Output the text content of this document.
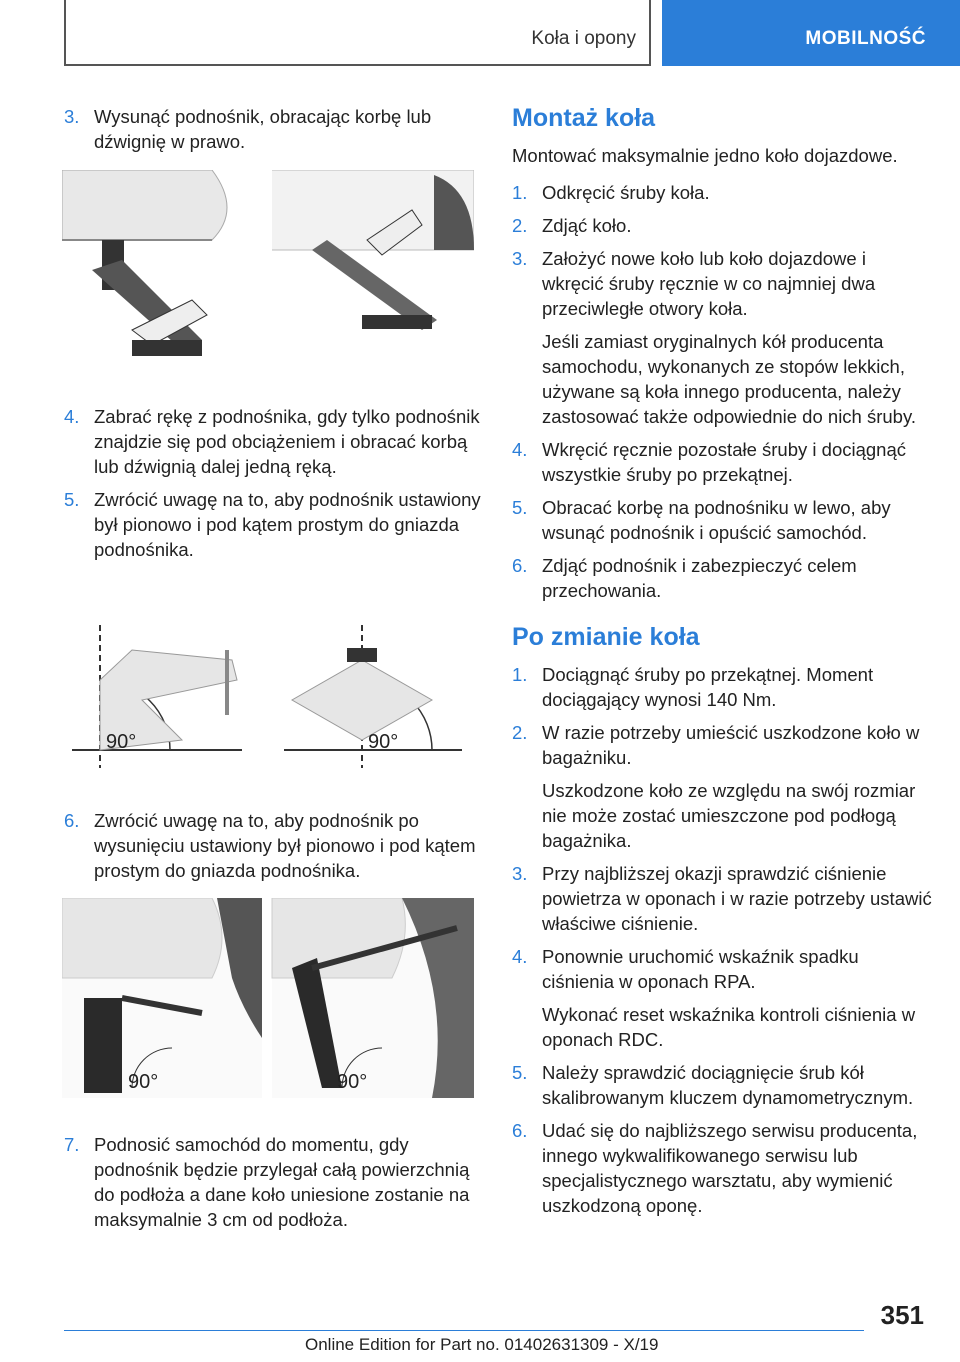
Koła i opony	MOBILNOŚĆ
3. Wysunąć podnośnik, obracając korbę lub dźwignię w prawo.
4. Zabrać rękę z podnośnika, gdy tylko podnośnik znajdzie się pod obciążeniem i obracać korbą lub dźwignią dalej jedną ręką.
5. Zwrócić uwagę na to, aby podnośnik ustawiony był pionowo i pod kątem prostym do gniazda podnośnika.
90°	90°
6. Zwrócić uwagę na to, aby podnośnik po wysunięciu ustawiony był pionowo i pod kątem prostym do gniazda podnośnika.
90°	90°
7. Podnosić samochód do momentu, gdy podnośnik będzie przylegał całą powierzchnią do podłoża a dane koło uniesione zostanie na maksymalnie 3 cm od podłoża.
Montaż koła
Montować maksymalnie jedno koło dojazdowe.
1. Odkręcić śruby koła.
2. Zdjąć koło.
3. Założyć nowe koło lub koło dojazdowe i wkręcić śruby ręcznie w co najmniej dwa przeciwległe otwory koła.
Jeśli zamiast oryginalnych kół producenta samochodu, wykonanych ze stopów lekkich, używane są koła innego producenta, należy zastosować także odpowiednie do nich śruby.
4. Wkręcić ręcznie pozostałe śruby i dociągnąć wszystkie śruby po przekątnej.
5. Obracać korbę na podnośniku w lewo, aby wsunąć podnośnik i opuścić samochód.
6. Zdjąć podnośnik i zabezpieczyć celem przechowania.
Po zmianie koła
1. Dociągnąć śruby po przekątnej. Moment dociągający wynosi 140 Nm.
2. W razie potrzeby umieścić uszkodzone koło w bagażniku.
Uszkodzone koło ze względu na swój rozmiar nie może zostać umieszczone pod podłogą bagażnika.
3. Przy najbliższej okazji sprawdzić ciśnienie powietrza w oponach i w razie potrzeby ustawić właściwe ciśnienie.
4. Ponownie uruchomić wskaźnik spadku ciśnienia w oponach RPA.
Wykonać reset wskaźnika kontroli ciśnienia w oponach RDC.
5. Należy sprawdzić dociągnięcie śrub kół skalibrowanym kluczem dynamometrycznym.
6. Udać się do najbliższego serwisu producenta, innego wykwalifikowanego serwisu lub specjalistycznego warsztatu, aby wymienić uszkodzoną oponę.
351
Online Edition for Part no. 01402631309 - X/19
